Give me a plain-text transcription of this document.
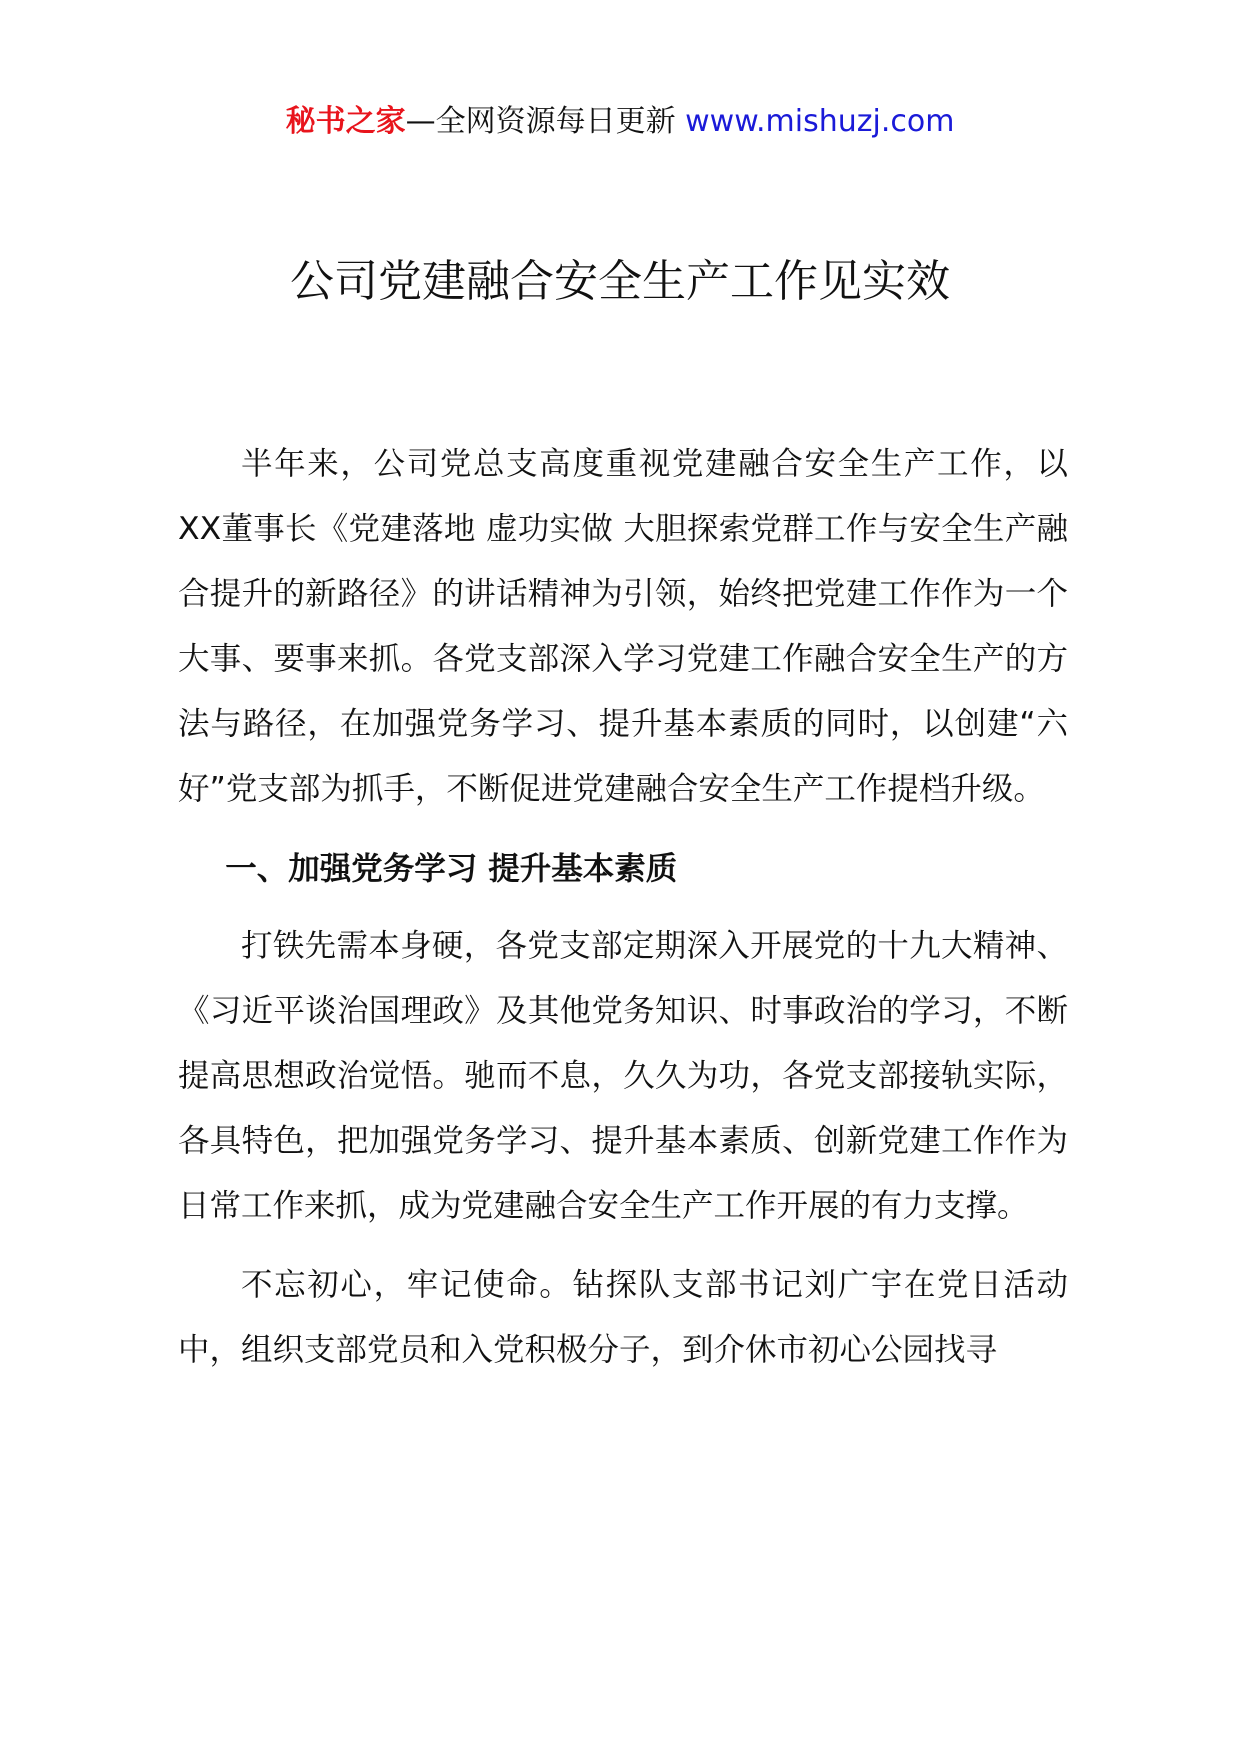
秘书之家—全网资源每日更新 www.mishuzj.com
公司党建融合安全生产工作见实效

半年来，公司党总支高度重视党建融合安全生产工作，以XX董事长《党建落地 虚功实做 大胆探索党群工作与安全生产融合提升的新路径》的讲话精神为引领，始终把党建工作作为一个大事、要事来抓。各党支部深入学习党建工作融合安全生产的方法与路径，在加强党务学习、提升基本素质的同时，以创建“六好”党支部为抓手，不断促进党建融合安全生产工作提档升级。

一、加强党务学习 提升基本素质

打铁先需本身硬，各党支部定期深入开展党的十九大精神、《习近平谈治国理政》及其他党务知识、时事政治的学习，不断提高思想政治觉悟。驰而不息，久久为功，各党支部接轨实际，各具特色，把加强党务学习、提升基本素质、创新党建工作作为日常工作来抓，成为党建融合安全生产工作开展的有力支撑。

不忘初心，牢记使命。钻探队支部书记刘广宇在党日活动中，组织支部党员和入党积极分子，到介休市初心公园找寻
